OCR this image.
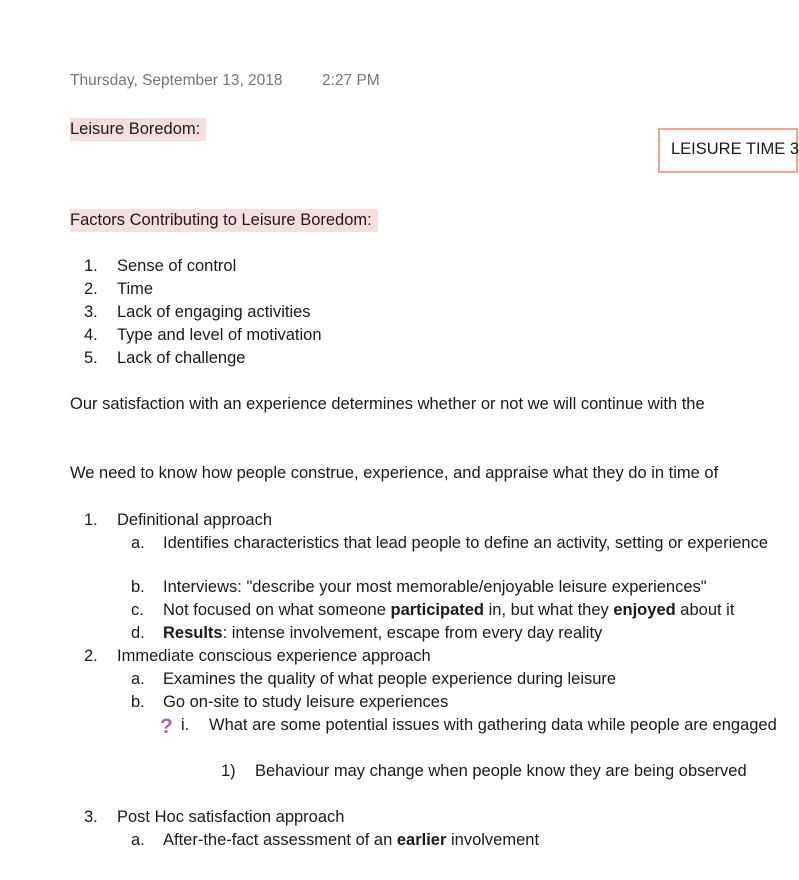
Thursday, September 13, 2018	2:27 PM
LEISURE TIME 3
Leisure Boredom:
Factors Contributing to Leisure Boredom:
1. Sense of control
2. Time
3. Lack of engaging activities
4. Type and level of motivation
5. Lack of challenge
Our satisfaction with an experience determines whether or not we will continue with the
We need to know how people construe, experience, and appraise what they do in time of
1. Definitional approach
a. Identifies characteristics that lead people to define an activity, setting or experience
b. Interviews: "describe your most memorable/enjoyable leisure experiences"
c. Not focused on what someone participated in, but what they enjoyed about it
d. Results: intense involvement, escape from every day reality
2. Immediate conscious experience approach
a. Examines the quality of what people experience during leisure
b. Go on-site to study leisure experiences
? i. What are some potential issues with gathering data while people are engaged
1) Behaviour may change when people know they are being observed
3. Post Hoc satisfaction approach
a. After-the-fact assessment of an earlier involvement
